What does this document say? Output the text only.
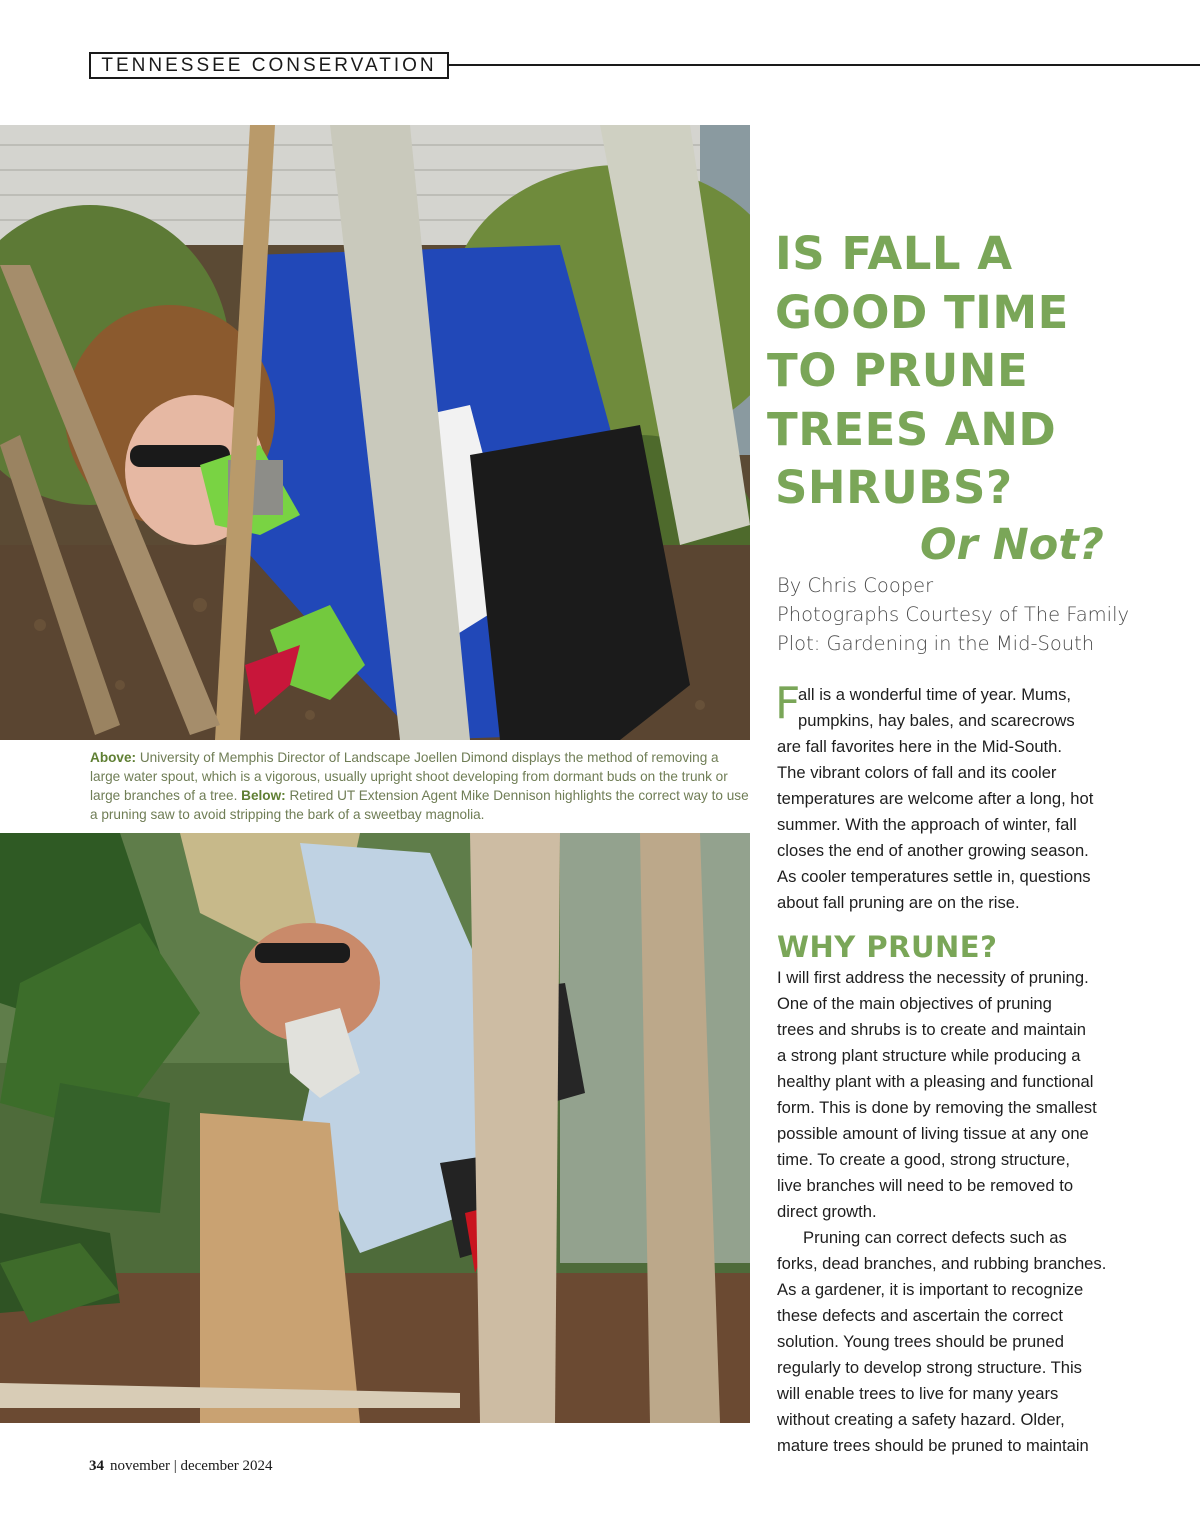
TENNESSEE CONSERVATION
Above: University of Memphis Director of Landscape Joellen Dimond displays the method of removing a large water spout, which is a vigorous, usually upright shoot developing from dormant buds on the trunk or large branches of a tree. Below: Retired UT Extension Agent Mike Dennison highlights the correct way to use a pruning saw to avoid stripping the bark of a sweetbay magnolia.
IS FALL A
GOOD TIME
TO PRUNE
TREES AND
SHRUBS?
Or Not?
By Chris Cooper
Photographs Courtesy of The Family
Plot: Gardening in the Mid-South
F
all is a wonderful time of year. Mums,
pumpkins, hay bales, and scarecrows
are fall favorites here in the Mid-South.
The vibrant colors of fall and its cooler
temperatures are welcome after a long, hot
summer. With the approach of winter, fall
closes the end of another growing season.
As cooler temperatures settle in, questions
about fall pruning are on the rise.
WHY PRUNE?
I will first address the necessity of pruning.
One of the main objectives of pruning
trees and shrubs is to create and maintain
a strong plant structure while producing a
healthy plant with a pleasing and functional
form. This is done by removing the smallest
possible amount of living tissue at any one
time. To create a good, strong structure,
live branches will need to be removed to
direct growth.
Pruning can correct defects such as
forks, dead branches, and rubbing branches.
As a gardener, it is important to recognize
these defects and ascertain the correct
solution. Young trees should be pruned
regularly to develop strong structure. This
will enable trees to live for many years
without creating a safety hazard. Older,
mature trees should be pruned to maintain
34 november | december 2024
